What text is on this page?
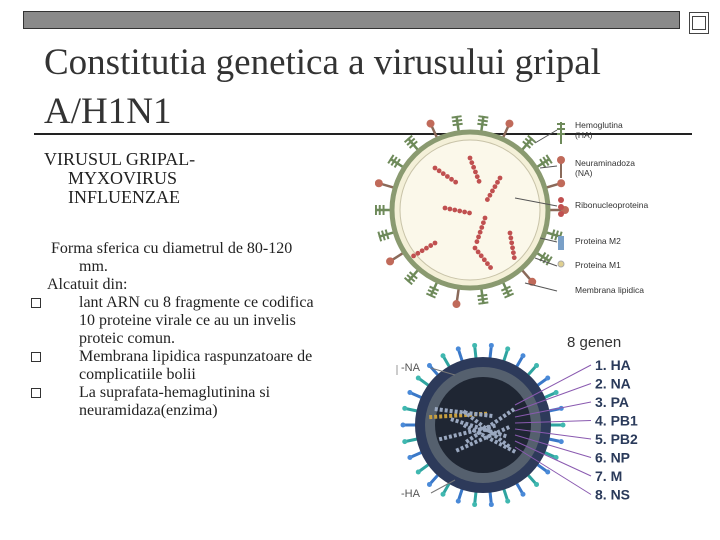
Constitutia genetica a virusului gripal
A/H1N1
VIRUSUL GRIPAL-
MYXOVIRUS
INFLUENZAE
Forma sferica cu diametrul de 80-120
mm.
Alcatuit din:
lant ARN cu 8 fragmente ce codifica
10 proteine virale ce au un invelis
proteic comun.
Membrana lipidica raspunzatoare de
complicatiile bolii
La suprafata-hemaglutinina si
neuramidaza(enzima)
Hemoglutina
(HA)
Neuraminadoza
(NA)
Ribonucleoproteina
Proteina M2
Proteina M1
Membrana lipidica
-NA
-HA
8 genen
1. HA
2. NA
3. PA
4. PB1
5. PB2
6. NP
7. M
8. NS
